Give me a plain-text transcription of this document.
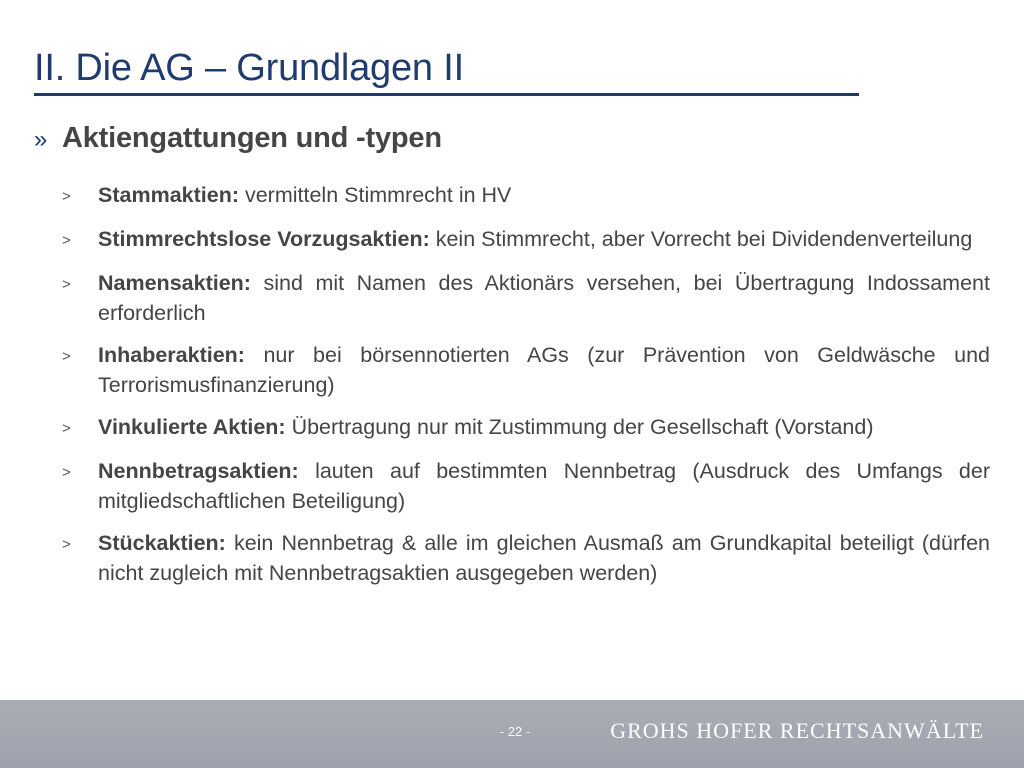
II. Die AG – Grundlagen II
» Aktiengattungen und -typen
>	Stammaktien: vermitteln Stimmrecht in HV
>	Stimmrechtslose Vorzugsaktien: kein Stimmrecht, aber Vorrecht bei Dividendenverteilung
>	Namensaktien: sind mit Namen des Aktionärs versehen, bei Übertragung Indossament erforderlich
>	Inhaberaktien: nur bei börsennotierten AGs (zur Prävention von Geldwäsche und Terrorismusfinanzierung)
>	Vinkulierte Aktien: Übertragung nur mit Zustimmung der Gesellschaft (Vorstand)
>	Nennbetragsaktien: lauten auf bestimmten Nennbetrag (Ausdruck des Umfangs der mitgliedschaftlichen Beteiligung)
>	Stückaktien: kein Nennbetrag & alle im gleichen Ausmaß am Grundkapital beteiligt (dürfen nicht zugleich mit Nennbetragsaktien ausgegeben werden)
- 22 -	GROHS HOFER RECHTSANWÄLTE
